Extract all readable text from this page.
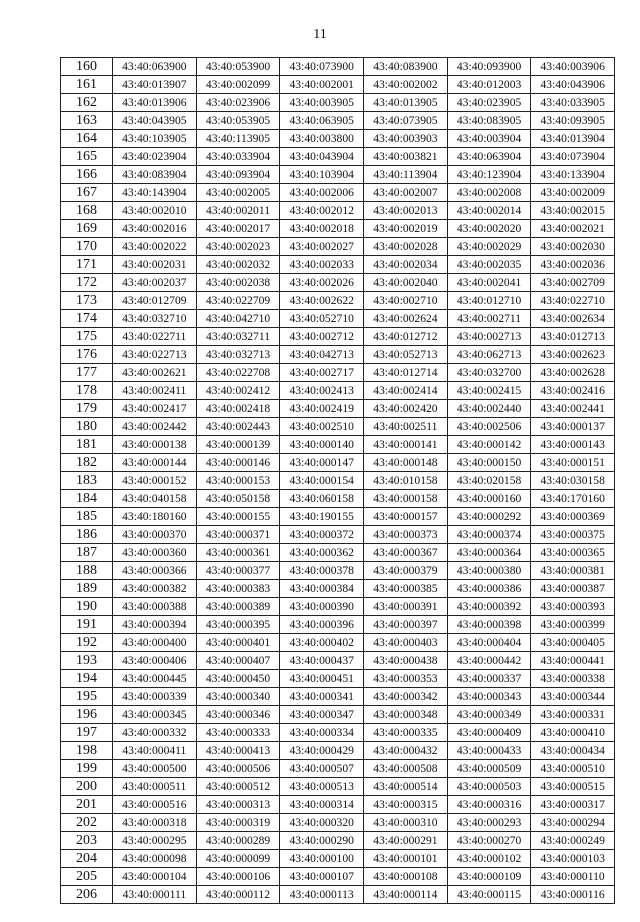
11
160	43:40:063900	43:40:053900	43:40:073900	43:40:083900	43:40:093900	43:40:003906
161	43:40:013907	43:40:002099	43:40:002001	43:40:002002	43:40:012003	43:40:043906
162	43:40:013906	43:40:023906	43:40:003905	43:40:013905	43:40:023905	43:40:033905
163	43:40:043905	43:40:053905	43:40:063905	43:40:073905	43:40:083905	43:40:093905
164	43:40:103905	43:40:113905	43:40:003800	43:40:003903	43:40:003904	43:40:013904
165	43:40:023904	43:40:033904	43:40:043904	43:40:003821	43:40:063904	43:40:073904
166	43:40:083904	43:40:093904	43:40:103904	43:40:113904	43:40:123904	43:40:133904
167	43:40:143904	43:40:002005	43:40:002006	43:40:002007	43:40:002008	43:40:002009
168	43:40:002010	43:40:002011	43:40:002012	43:40:002013	43:40:002014	43:40:002015
169	43:40:002016	43:40:002017	43:40:002018	43:40:002019	43:40:002020	43:40:002021
170	43:40:002022	43:40:002023	43:40:002027	43:40:002028	43:40:002029	43:40:002030
171	43:40:002031	43:40:002032	43:40:002033	43:40:002034	43:40:002035	43:40:002036
172	43:40:002037	43:40:002038	43:40:002026	43:40:002040	43:40:002041	43:40:002709
173	43:40:012709	43:40:022709	43:40:002622	43:40:002710	43:40:012710	43:40:022710
174	43:40:032710	43:40:042710	43:40:052710	43:40:002624	43:40:002711	43:40:002634
175	43:40:022711	43:40:032711	43:40:002712	43:40:012712	43:40:002713	43:40:012713
176	43:40:022713	43:40:032713	43:40:042713	43:40:052713	43:40:062713	43:40:002623
177	43:40:002621	43:40:022708	43:40:002717	43:40:012714	43:40:032700	43:40:002628
178	43:40:002411	43:40:002412	43:40:002413	43:40:002414	43:40:002415	43:40:002416
179	43:40:002417	43:40:002418	43:40:002419	43:40:002420	43:40:002440	43:40:002441
180	43:40:002442	43:40:002443	43:40:002510	43:40:002511	43:40:002506	43:40:000137
181	43:40:000138	43:40:000139	43:40:000140	43:40:000141	43:40:000142	43:40:000143
182	43:40:000144	43:40:000146	43:40:000147	43:40:000148	43:40:000150	43:40:000151
183	43:40:000152	43:40:000153	43:40:000154	43:40:010158	43:40:020158	43:40:030158
184	43:40:040158	43:40:050158	43:40:060158	43:40:000158	43:40:000160	43:40:170160
185	43:40:180160	43:40:000155	43:40:190155	43:40:000157	43:40:000292	43:40:000369
186	43:40:000370	43:40:000371	43:40:000372	43:40:000373	43:40:000374	43:40:000375
187	43:40:000360	43:40:000361	43:40:000362	43:40:000367	43:40:000364	43:40:000365
188	43:40:000366	43:40:000377	43:40:000378	43:40:000379	43:40:000380	43:40:000381
189	43:40:000382	43:40:000383	43:40:000384	43:40:000385	43:40:000386	43:40:000387
190	43:40:000388	43:40:000389	43:40:000390	43:40:000391	43:40:000392	43:40:000393
191	43:40:000394	43:40:000395	43:40:000396	43:40:000397	43:40:000398	43:40:000399
192	43:40:000400	43:40:000401	43:40:000402	43:40:000403	43:40:000404	43:40:000405
193	43:40:000406	43:40:000407	43:40:000437	43:40:000438	43:40:000442	43:40:000441
194	43:40:000445	43:40:000450	43:40:000451	43:40:000353	43:40:000337	43:40:000338
195	43:40:000339	43:40:000340	43:40:000341	43:40:000342	43:40:000343	43:40:000344
196	43:40:000345	43:40:000346	43:40:000347	43:40:000348	43:40:000349	43:40:000331
197	43:40:000332	43:40:000333	43:40:000334	43:40:000335	43:40:000409	43:40:000410
198	43:40:000411	43:40:000413	43:40:000429	43:40:000432	43:40:000433	43:40:000434
199	43:40:000500	43:40:000506	43:40:000507	43:40:000508	43:40:000509	43:40:000510
200	43:40:000511	43:40:000512	43:40:000513	43:40:000514	43:40:000503	43:40:000515
201	43:40:000516	43:40:000313	43:40:000314	43:40:000315	43:40:000316	43:40:000317
202	43:40:000318	43:40:000319	43:40:000320	43:40:000310	43:40:000293	43:40:000294
203	43:40:000295	43:40:000289	43:40:000290	43:40:000291	43:40:000270	43:40:000249
204	43:40:000098	43:40:000099	43:40:000100	43:40:000101	43:40:000102	43:40:000103
205	43:40:000104	43:40:000106	43:40:000107	43:40:000108	43:40:000109	43:40:000110
206	43:40:000111	43:40:000112	43:40:000113	43:40:000114	43:40:000115	43:40:000116
